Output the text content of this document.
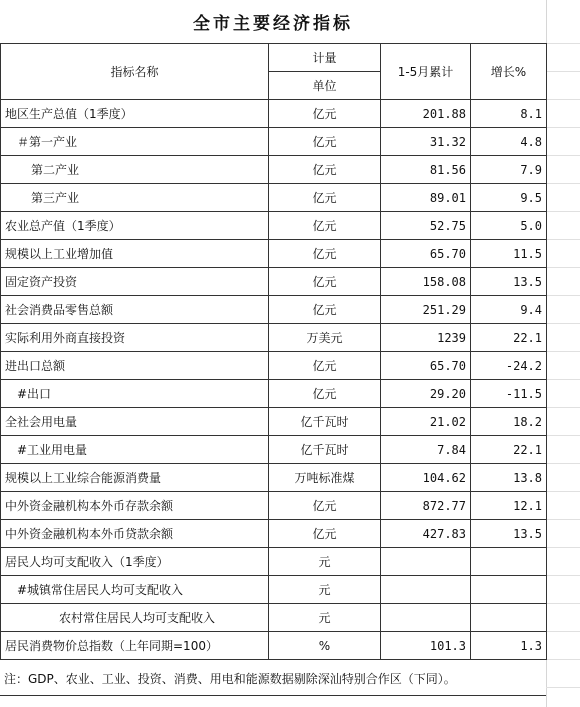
全市主要经济指标
指标名称	计量	1-5月累计	增长%
	单位		
地区生产总值（1季度）	亿元	201.88	8.1
＃第一产业	亿元	31.32	4.8
第二产业	亿元	81.56	7.9
第三产业	亿元	89.01	9.5
农业总产值（1季度）	亿元	52.75	5.0
规模以上工业增加值	亿元	65.70	11.5
固定资产投资	亿元	158.08	13.5
社会消费品零售总额	亿元	251.29	9.4
实际利用外商直接投资	万美元	1239	22.1
进出口总额	亿元	65.70	-24.2
#出口	亿元	29.20	-11.5
全社会用电量	亿千瓦时	21.02	18.2
#工业用电量	亿千瓦时	7.84	22.1
规模以上工业综合能源消费量	万吨标准煤	104.62	13.8
中外资金融机构本外币存款余额	亿元	872.77	12.1
中外资金融机构本外币贷款余额	亿元	427.83	13.5
居民人均可支配收入（1季度）	元		
#城镇常住居民人均可支配收入	元		
农村常住居民人均可支配收入	元		
居民消费物价总指数（上年同期=100）	%	101.3	1.3
注：GDP、农业、工业、投资、消费、用电和能源数据剔除深汕特别合作区（下同）。
